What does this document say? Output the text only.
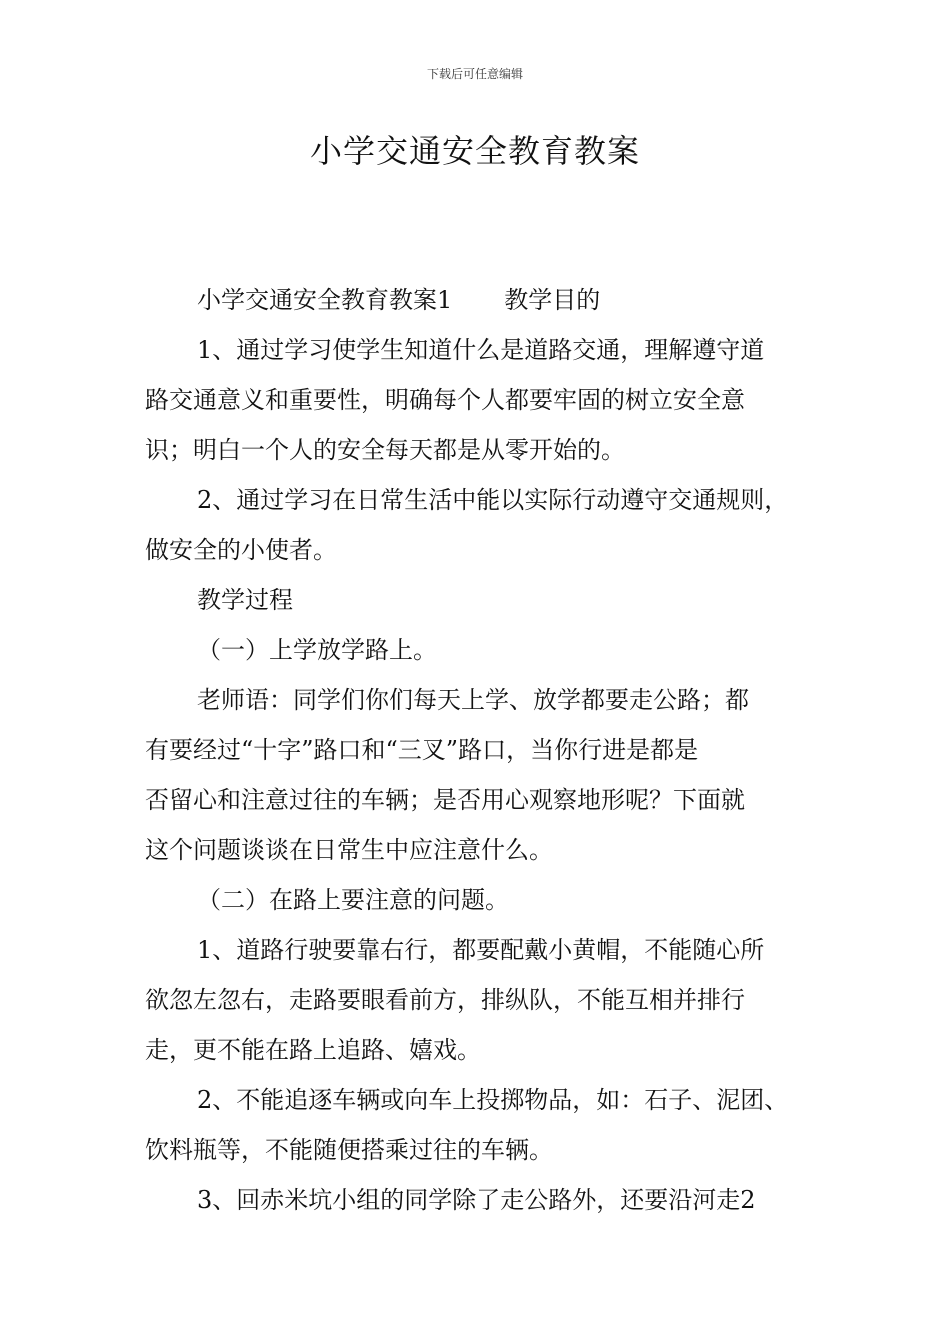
下载后可任意编辑
小学交通安全教育教案
小学交通安全教育教案1 教学目的
1、通过学习使学生知道什么是道路交通，理解遵守道
路交通意义和重要性，明确每个人都要牢固的树立安全意
识；明白一个人的安全每天都是从零开始的。
2、通过学习在日常生活中能以实际行动遵守交通规则，
做安全的小使者。
教学过程
（一）上学放学路上。
老师语：同学们你们每天上学、放学都要走公路；都
有要经过“十字”路口和“三叉”路口，当你行进是都是
否留心和注意过往的车辆；是否用心观察地形呢？下面就
这个问题谈谈在日常生中应注意什么。
（二）在路上要注意的问题。
1、道路行驶要靠右行，都要配戴小黄帽，不能随心所
欲忽左忽右，走路要眼看前方，排纵队，不能互相并排行
走，更不能在路上追路、嬉戏。
2、不能追逐车辆或向车上投掷物品，如：石子、泥团、
饮料瓶等，不能随便搭乘过往的车辆。
3、回赤米坑小组的同学除了走公路外，还要沿河走2
